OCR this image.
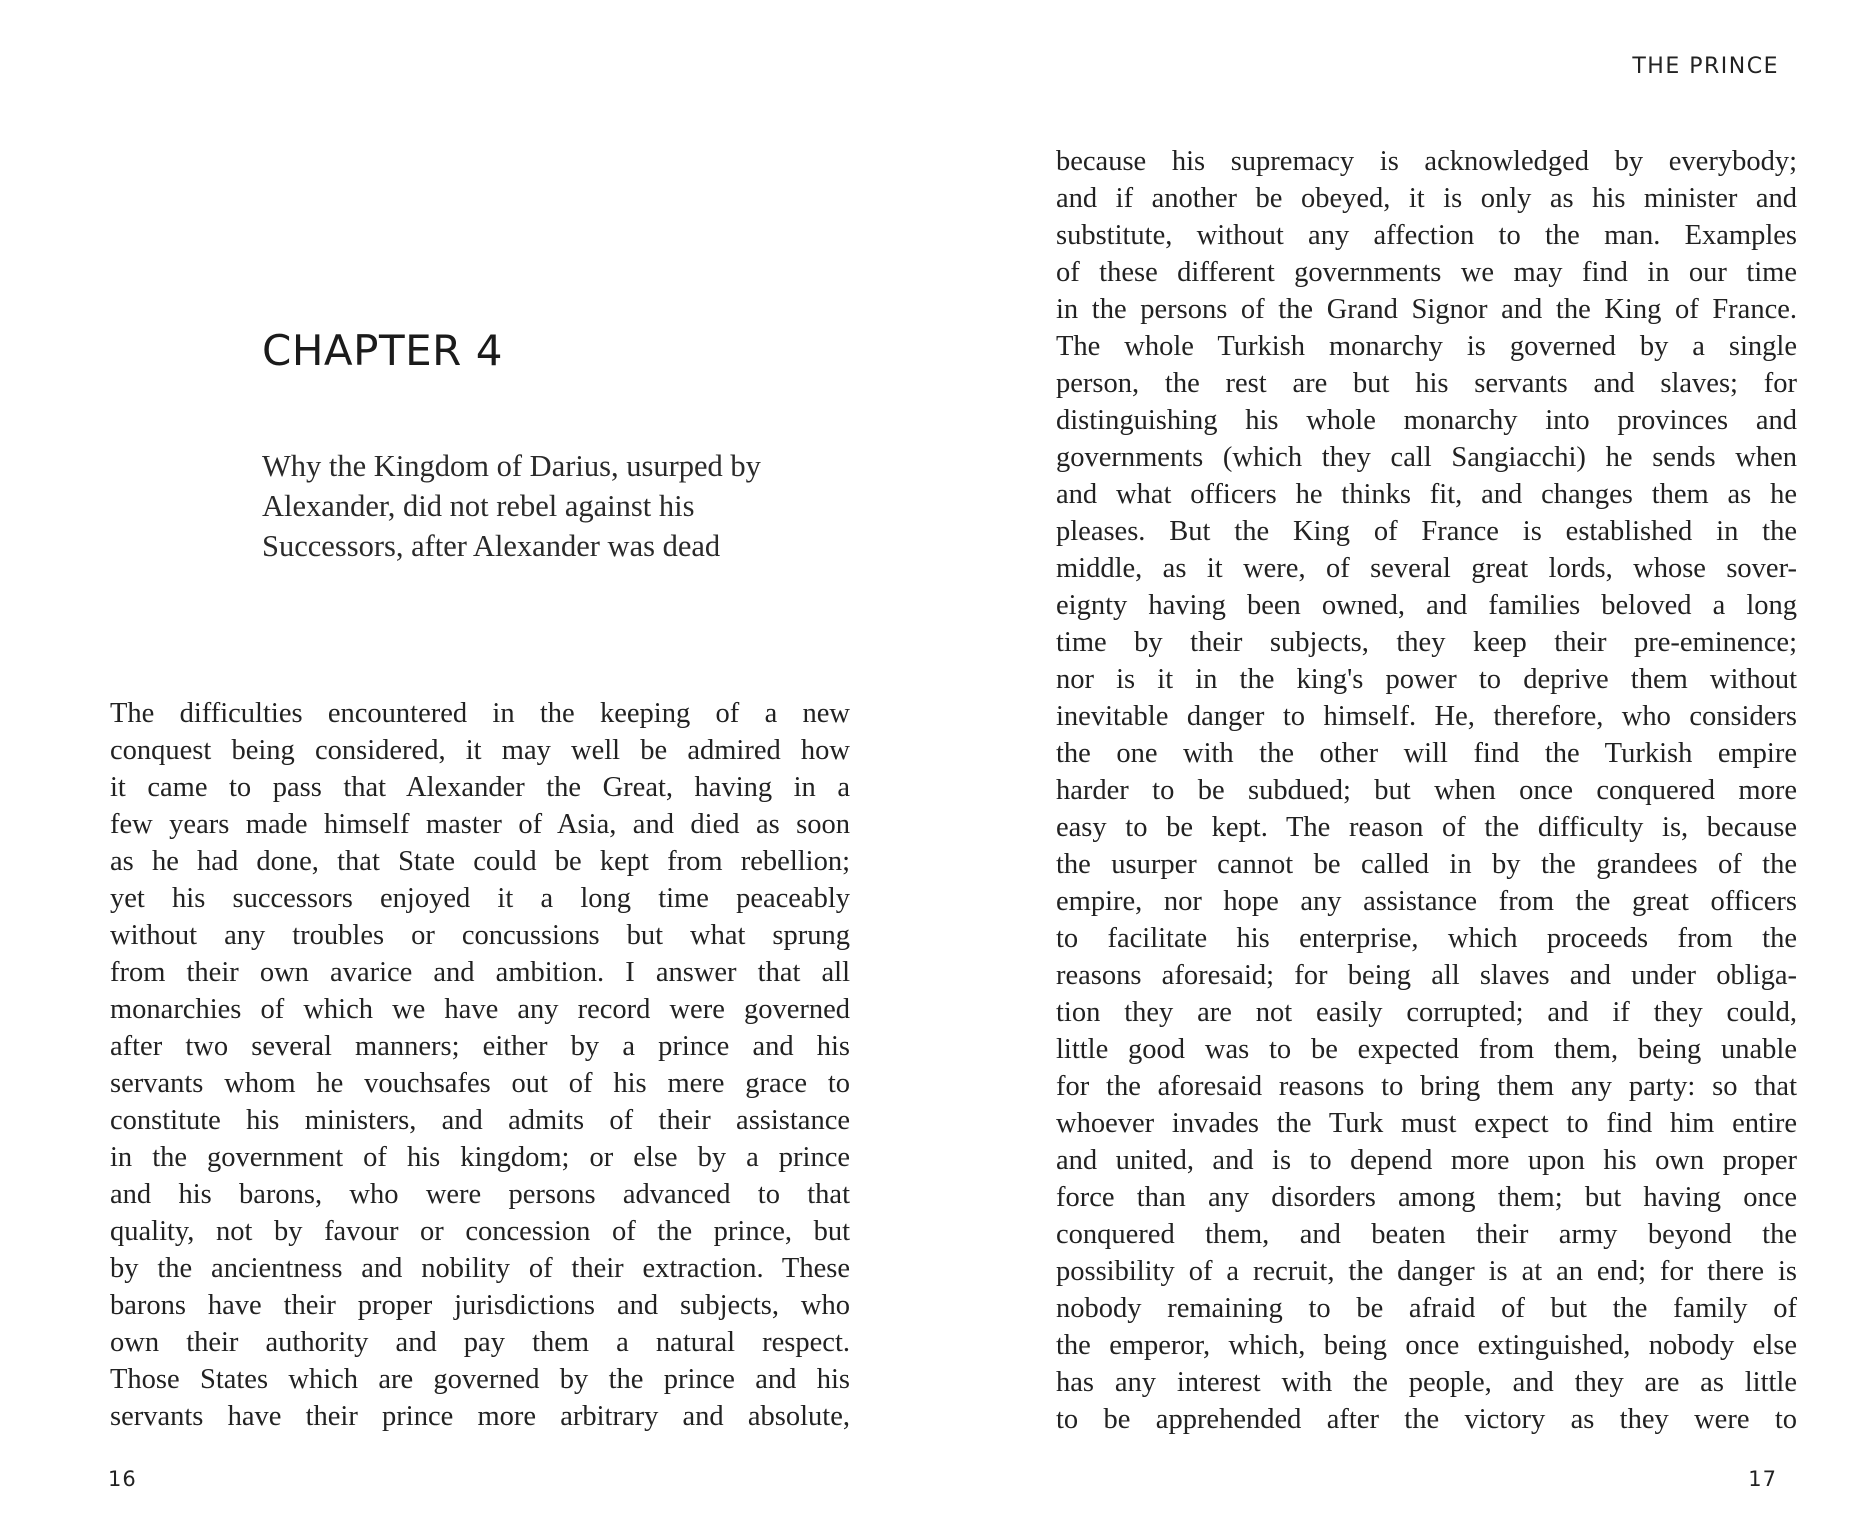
CHAPTER 4
Why the Kingdom of Darius, usurped by
Alexander, did not rebel against his
Successors, after Alexander was dead
The difficulties encountered in the keeping of a new
conquest being considered, it may well be admired how
it came to pass that Alexander the Great, having in a
few years made himself master of Asia, and died as soon
as he had done, that State could be kept from rebellion;
yet his successors enjoyed it a long time peaceably
without any troubles or concussions but what sprung
from their own avarice and ambition. I answer that all
monarchies of which we have any record were governed
after two several manners; either by a prince and his
servants whom he vouchsafes out of his mere grace to
constitute his ministers, and admits of their assistance
in the government of his kingdom; or else by a prince
and his barons, who were persons advanced to that
quality, not by favour or concession of the prince, but
by the ancientness and nobility of their extraction. These
barons have their proper jurisdictions and subjects, who
own their authority and pay them a natural respect.
Those States which are governed by the prince and his
servants have their prince more arbitrary and absolute,
16
THE PRINCE
because his supremacy is acknowledged by everybody;
and if another be obeyed, it is only as his minister and
substitute, without any affection to the man. Examples
of these different governments we may find in our time
in the persons of the Grand Signor and the King of France.
The whole Turkish monarchy is governed by a single
person, the rest are but his servants and slaves; for
distinguishing his whole monarchy into provinces and
governments (which they call Sangiacchi) he sends when
and what officers he thinks fit, and changes them as he
pleases. But the King of France is established in the
middle, as it were, of several great lords, whose sover-
eignty having been owned, and families beloved a long
time by their subjects, they keep their pre-eminence;
nor is it in the king's power to deprive them without
inevitable danger to himself. He, therefore, who considers
the one with the other will find the Turkish empire
harder to be subdued; but when once conquered more
easy to be kept. The reason of the difficulty is, because
the usurper cannot be called in by the grandees of the
empire, nor hope any assistance from the great officers
to facilitate his enterprise, which proceeds from the
reasons aforesaid; for being all slaves and under obliga-
tion they are not easily corrupted; and if they could,
little good was to be expected from them, being unable
for the aforesaid reasons to bring them any party: so that
whoever invades the Turk must expect to find him entire
and united, and is to depend more upon his own proper
force than any disorders among them; but having once
conquered them, and beaten their army beyond the
possibility of a recruit, the danger is at an end; for there is
nobody remaining to be afraid of but the family of
the emperor, which, being once extinguished, nobody else
has any interest with the people, and they are as little
to be apprehended after the victory as they were to
17
